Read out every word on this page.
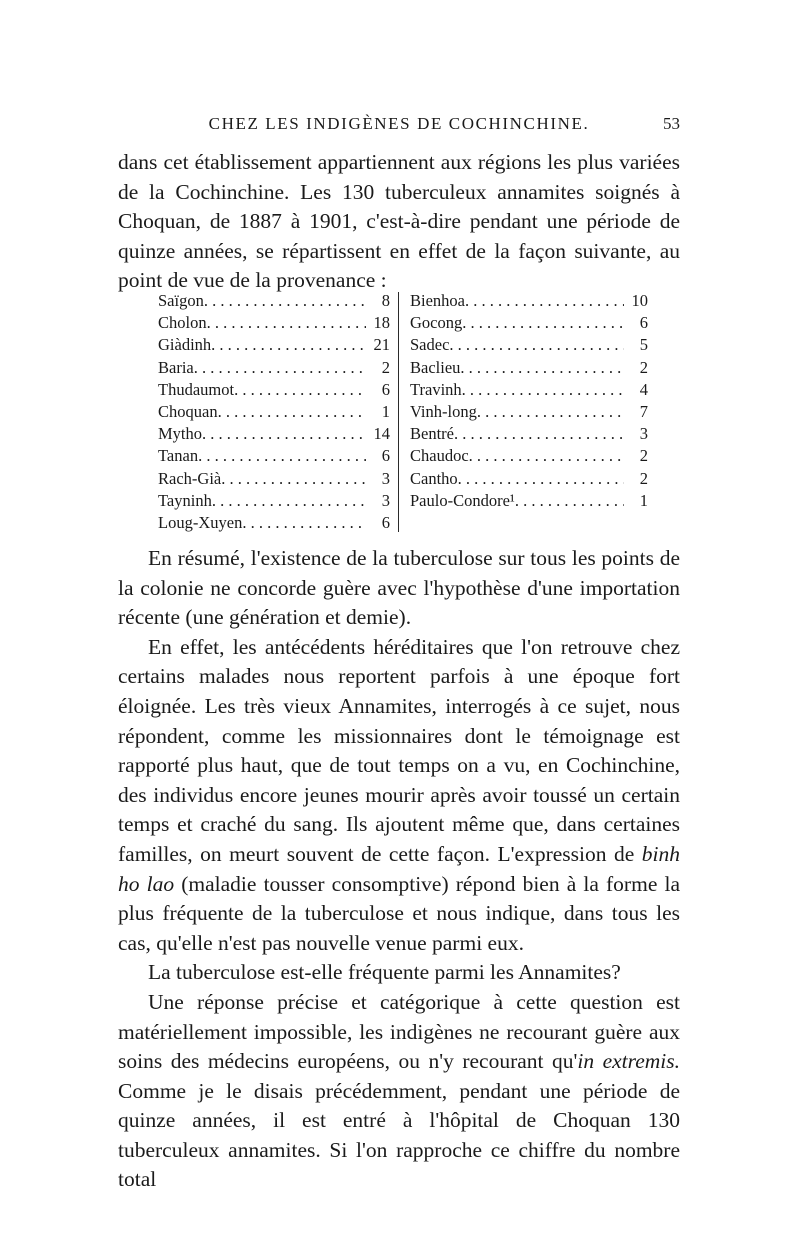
CHEZ LES INDIGÈNES DE COCHINCHINE.	53

dans cet établissement appartiennent aux régions les plus variées de la Cochinchine. Les 130 tuberculeux annamites soignés à Choquan, de 1887 à 1901, c'est-à-dire pendant une période de quinze années, se répartissent en effet de la façon suivante, au point de vue de la provenance :

Saïgon . . .	8
Cholon . . .	18
Giàdinh . . .	21
Baria . . .	2
Thudaumot . . .	6
Choquan . . .	1
Mytho . . .	14
Tanan . . .	6
Rach-Già . . .	3
Tayninh . . .	3
Loug-Xuyen . . .	6
Bienhoa . . .	10
Gocong . . .	6
Sadec . . .	5
Baclieu . . .	2
Travinh . . .	4
Vinh-long . . .	7
Bentré . . .	3
Chaudoc . . .	2
Cantho . . .	2
Paulo-Condore¹ . . .	1

En résumé, l'existence de la tuberculose sur tous les points de la colonie ne concorde guère avec l'hypothèse d'une importation récente (une génération et demie).

En effet, les antécédents héréditaires que l'on retrouve chez certains malades nous reportent parfois à une époque fort éloignée. Les très vieux Annamites, interrogés à ce sujet, nous répondent, comme les missionnaires dont le témoignage est rapporté plus haut, que de tout temps on a vu, en Cochinchine, des individus encore jeunes mourir après avoir toussé un certain temps et craché du sang. Ils ajoutent même que, dans certaines familles, on meurt souvent de cette façon. L'expression de binh ho lao (maladie tousser consomptive) répond bien à la forme la plus fréquente de la tuberculose et nous indique, dans tous les cas, qu'elle n'est pas nouvelle venue parmi eux.

La tuberculose est-elle fréquente parmi les Annamites?

Une réponse précise et catégorique à cette question est matériellement impossible, les indigènes ne recourant guère aux soins des médecins européens, ou n'y recourant qu'in extremis. Comme je le disais précédemment, pendant une période de quinze années, il est entré à l'hôpital de Choquan 130 tuberculeux annamites. Si l'on rapproche ce chiffre du nombre total
